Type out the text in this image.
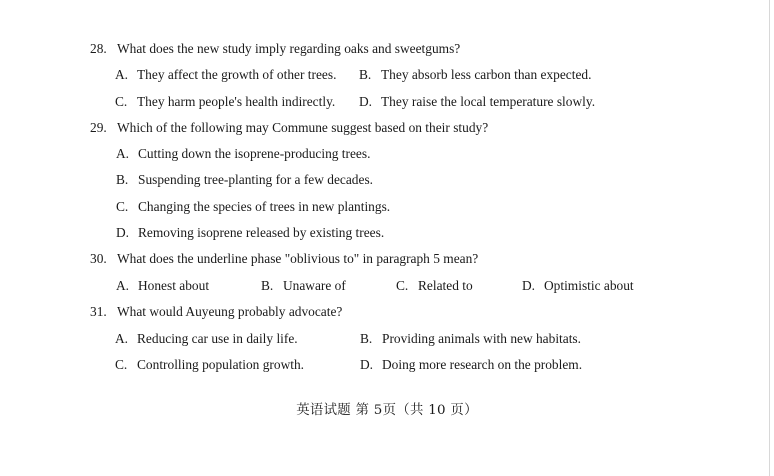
28. What does the new study imply regarding oaks and sweetgums?
A. They affect the growth of other trees. B. They absorb less carbon than expected.
C. They harm people's health indirectly. D. They raise the local temperature slowly.
29. Which of the following may Commune suggest based on their study?
A. Cutting down the isoprene-producing trees.
B. Suspending tree-planting for a few decades.
C. Changing the species of trees in new plantings.
D. Removing isoprene released by existing trees.
30. What does the underline phase "oblivious to" in paragraph 5 mean?
A. Honest about	B. Unaware of	C. Related to	D. Optimistic about
31. What would Auyeung probably advocate?
A. Reducing car use in daily life.	B. Providing animals with new habitats.
C. Controlling population growth.	D. Doing more research on the problem.
英语试题 第 5页（共 10 页）
